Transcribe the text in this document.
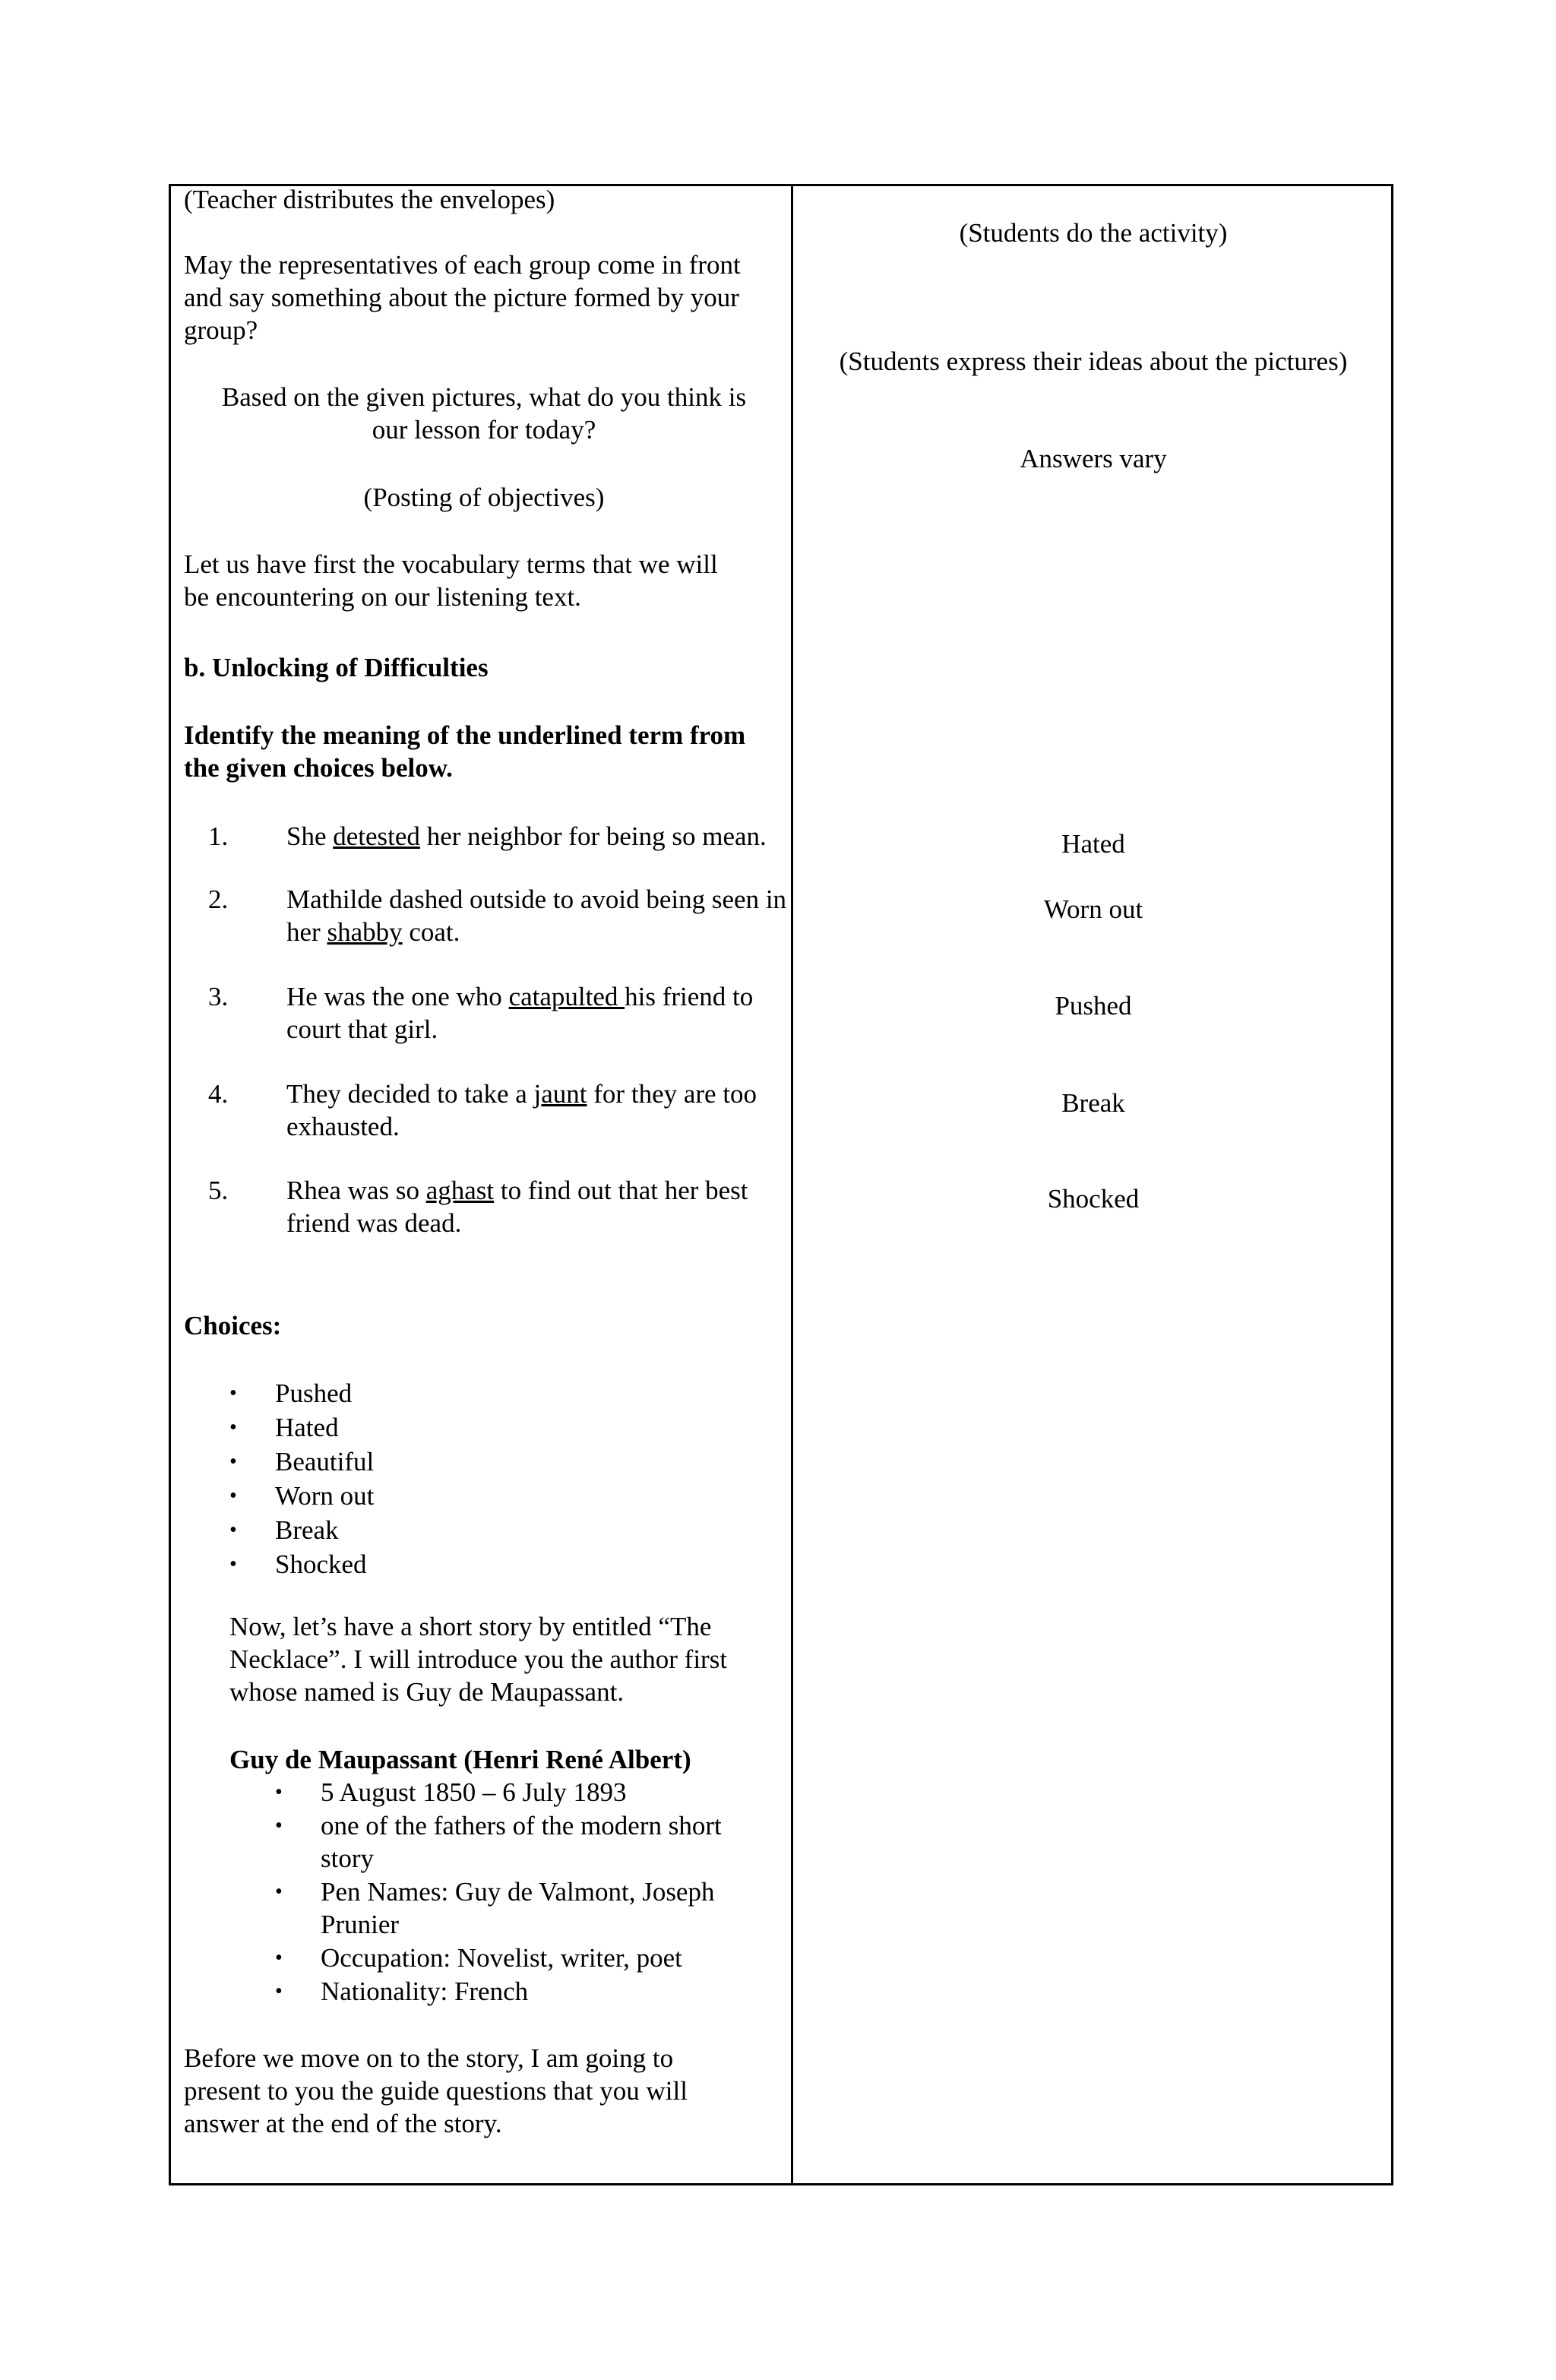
(Teacher distributes the envelopes)

May the representatives of each group come in front

and say something about the picture formed by your

group?

Based on the given pictures, what do you think is

our lesson for today?

(Posting of objectives)

Let us have first the vocabulary terms that we will

be encountering on our listening text.

b. Unlocking of Difficulties

Identify the meaning of the underlined term from

the given choices below.

1. She detested her neighbor for being so mean.
2. Mathilde dashed outside to avoid being seen in her shabby coat.
3. He was the one who catapulted his friend to court that girl.
4. They decided to take a jaunt for they are too exhausted.
5. Rhea was so aghast to find out that her best friend was dead.

Choices:

• Pushed
• Hated
• Beautiful
• Worn out
• Break
• Shocked

Now, let’s have a short story by entitled “The

Necklace”. I will introduce you the author first

whose named is Guy de Maupassant.

Guy de Maupassant (Henri René Albert)

• 5 August 1850 – 6 July 1893
• one of the fathers of the modern short story
• Pen Names: Guy de Valmont, Joseph Prunier
• Occupation: Novelist, writer, poet
• Nationality: French

Before we move on to the story, I am going to

present to you the guide questions that you will

answer at the end of the story.

(Students do the activity)

(Students express their ideas about the pictures)

Answers vary

Hated

Worn out

Pushed

Break

Shocked
